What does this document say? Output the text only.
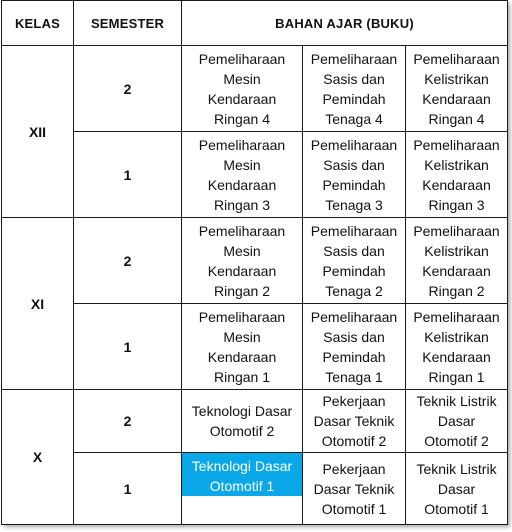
KELAS	SEMESTER	BAHAN AJAR (BUKU)		
XII	2	Pemeliharaan
Mesin
Kendaraan
Ringan 4	Pemeliharaan
Sasis dan
Pemindah
Tenaga 4	Pemeliharaan
Kelistrikan
Kendaraan
Ringan 4

	1	Pemeliharaan
Mesin
Kendaraan
Ringan 3	Pemeliharaan
Sasis dan
Pemindah
Tenaga 3	Pemeliharaan
Kelistrikan
Kendaraan
Ringan 3

XI	2	Pemeliharaan
Mesin
Kendaraan
Ringan 2	Pemeliharaan
Sasis dan
Pemindah
Tenaga 2	Pemeliharaan
Kelistrikan
Kendaraan
Ringan 2

	1	Pemeliharaan
Mesin
Kendaraan
Ringan 1	Pemeliharaan
Sasis dan
Pemindah
Tenaga 1	Pemeliharaan
Kelistrikan
Kendaraan
Ringan 1

X	2	Teknologi Dasar
Otomotif 2	Pekerjaan
Dasar Teknik
Otomotif 2	Teknik Listrik
Dasar
Otomotif 2

	1	Teknologi Dasar
Otomotif 1	Pekerjaan
Dasar Teknik
Otomotif 1	Teknik Listrik
Dasar
Otomotif 1
